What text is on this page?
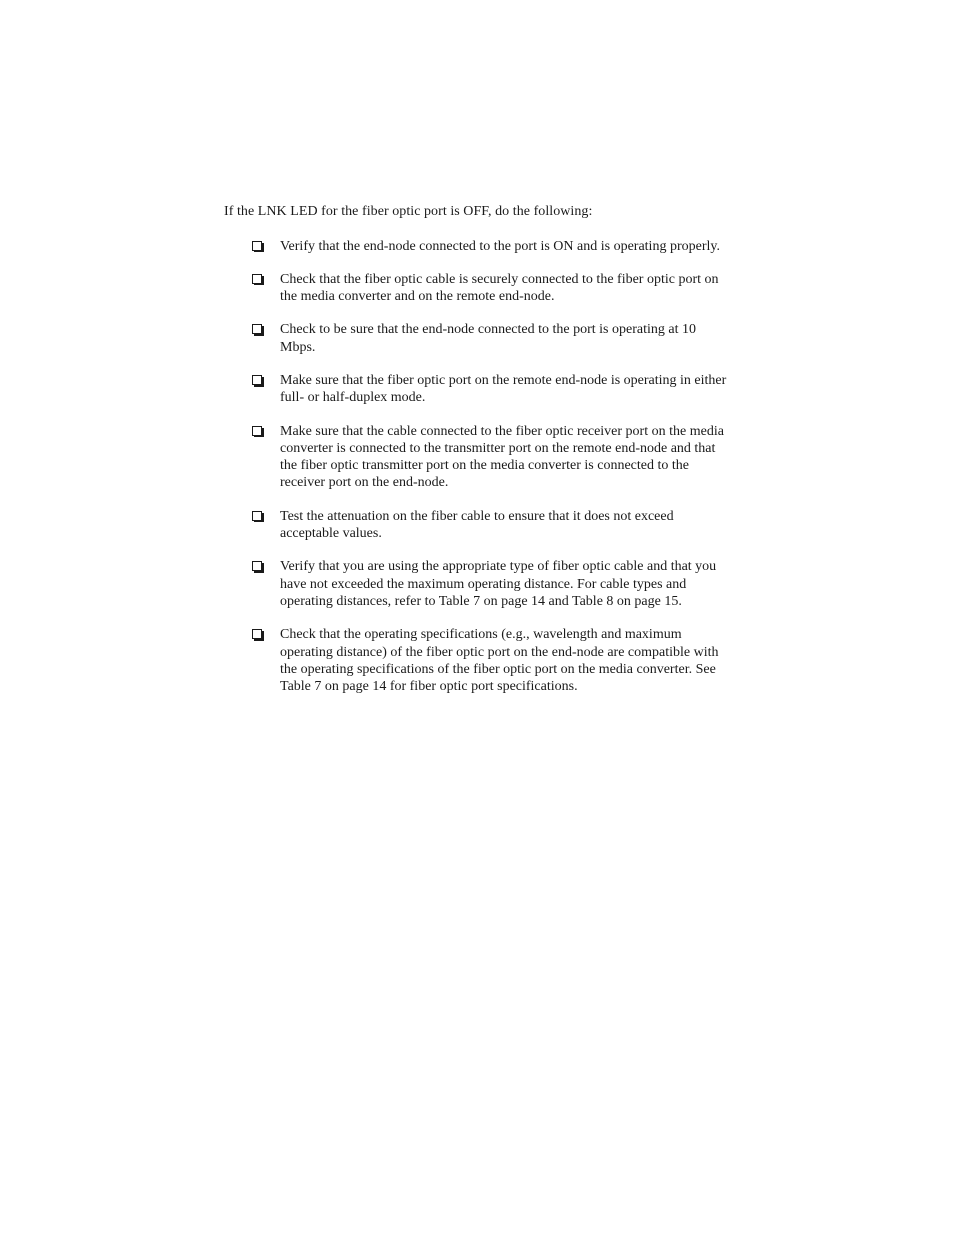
If the LNK LED for the fiber optic port is OFF, do the following:

Verify that the end-node connected to the port is ON and is operating properly.
Check that the fiber optic cable is securely connected to the fiber optic port on the media converter and on the remote end-node.
Check to be sure that the end-node connected to the port is operating at 10 Mbps.
Make sure that the fiber optic port on the remote end-node is operating in either full- or half-duplex mode.
Make sure that the cable connected to the fiber optic receiver port on the media converter is connected to the transmitter port on the remote end-node and that the fiber optic transmitter port on the media converter is connected to the receiver port on the end-node.
Test the attenuation on the fiber cable to ensure that it does not exceed acceptable values.
Verify that you are using the appropriate type of fiber optic cable and that you have not exceeded the maximum operating distance. For cable types and operating distances, refer to Table 7 on page 14 and Table 8 on page 15.
Check that the operating specifications (e.g., wavelength and maximum operating distance) of the fiber optic port on the end-node are compatible with the operating specifications of the fiber optic port on the media converter. See Table 7 on page 14 for fiber optic port specifications.
